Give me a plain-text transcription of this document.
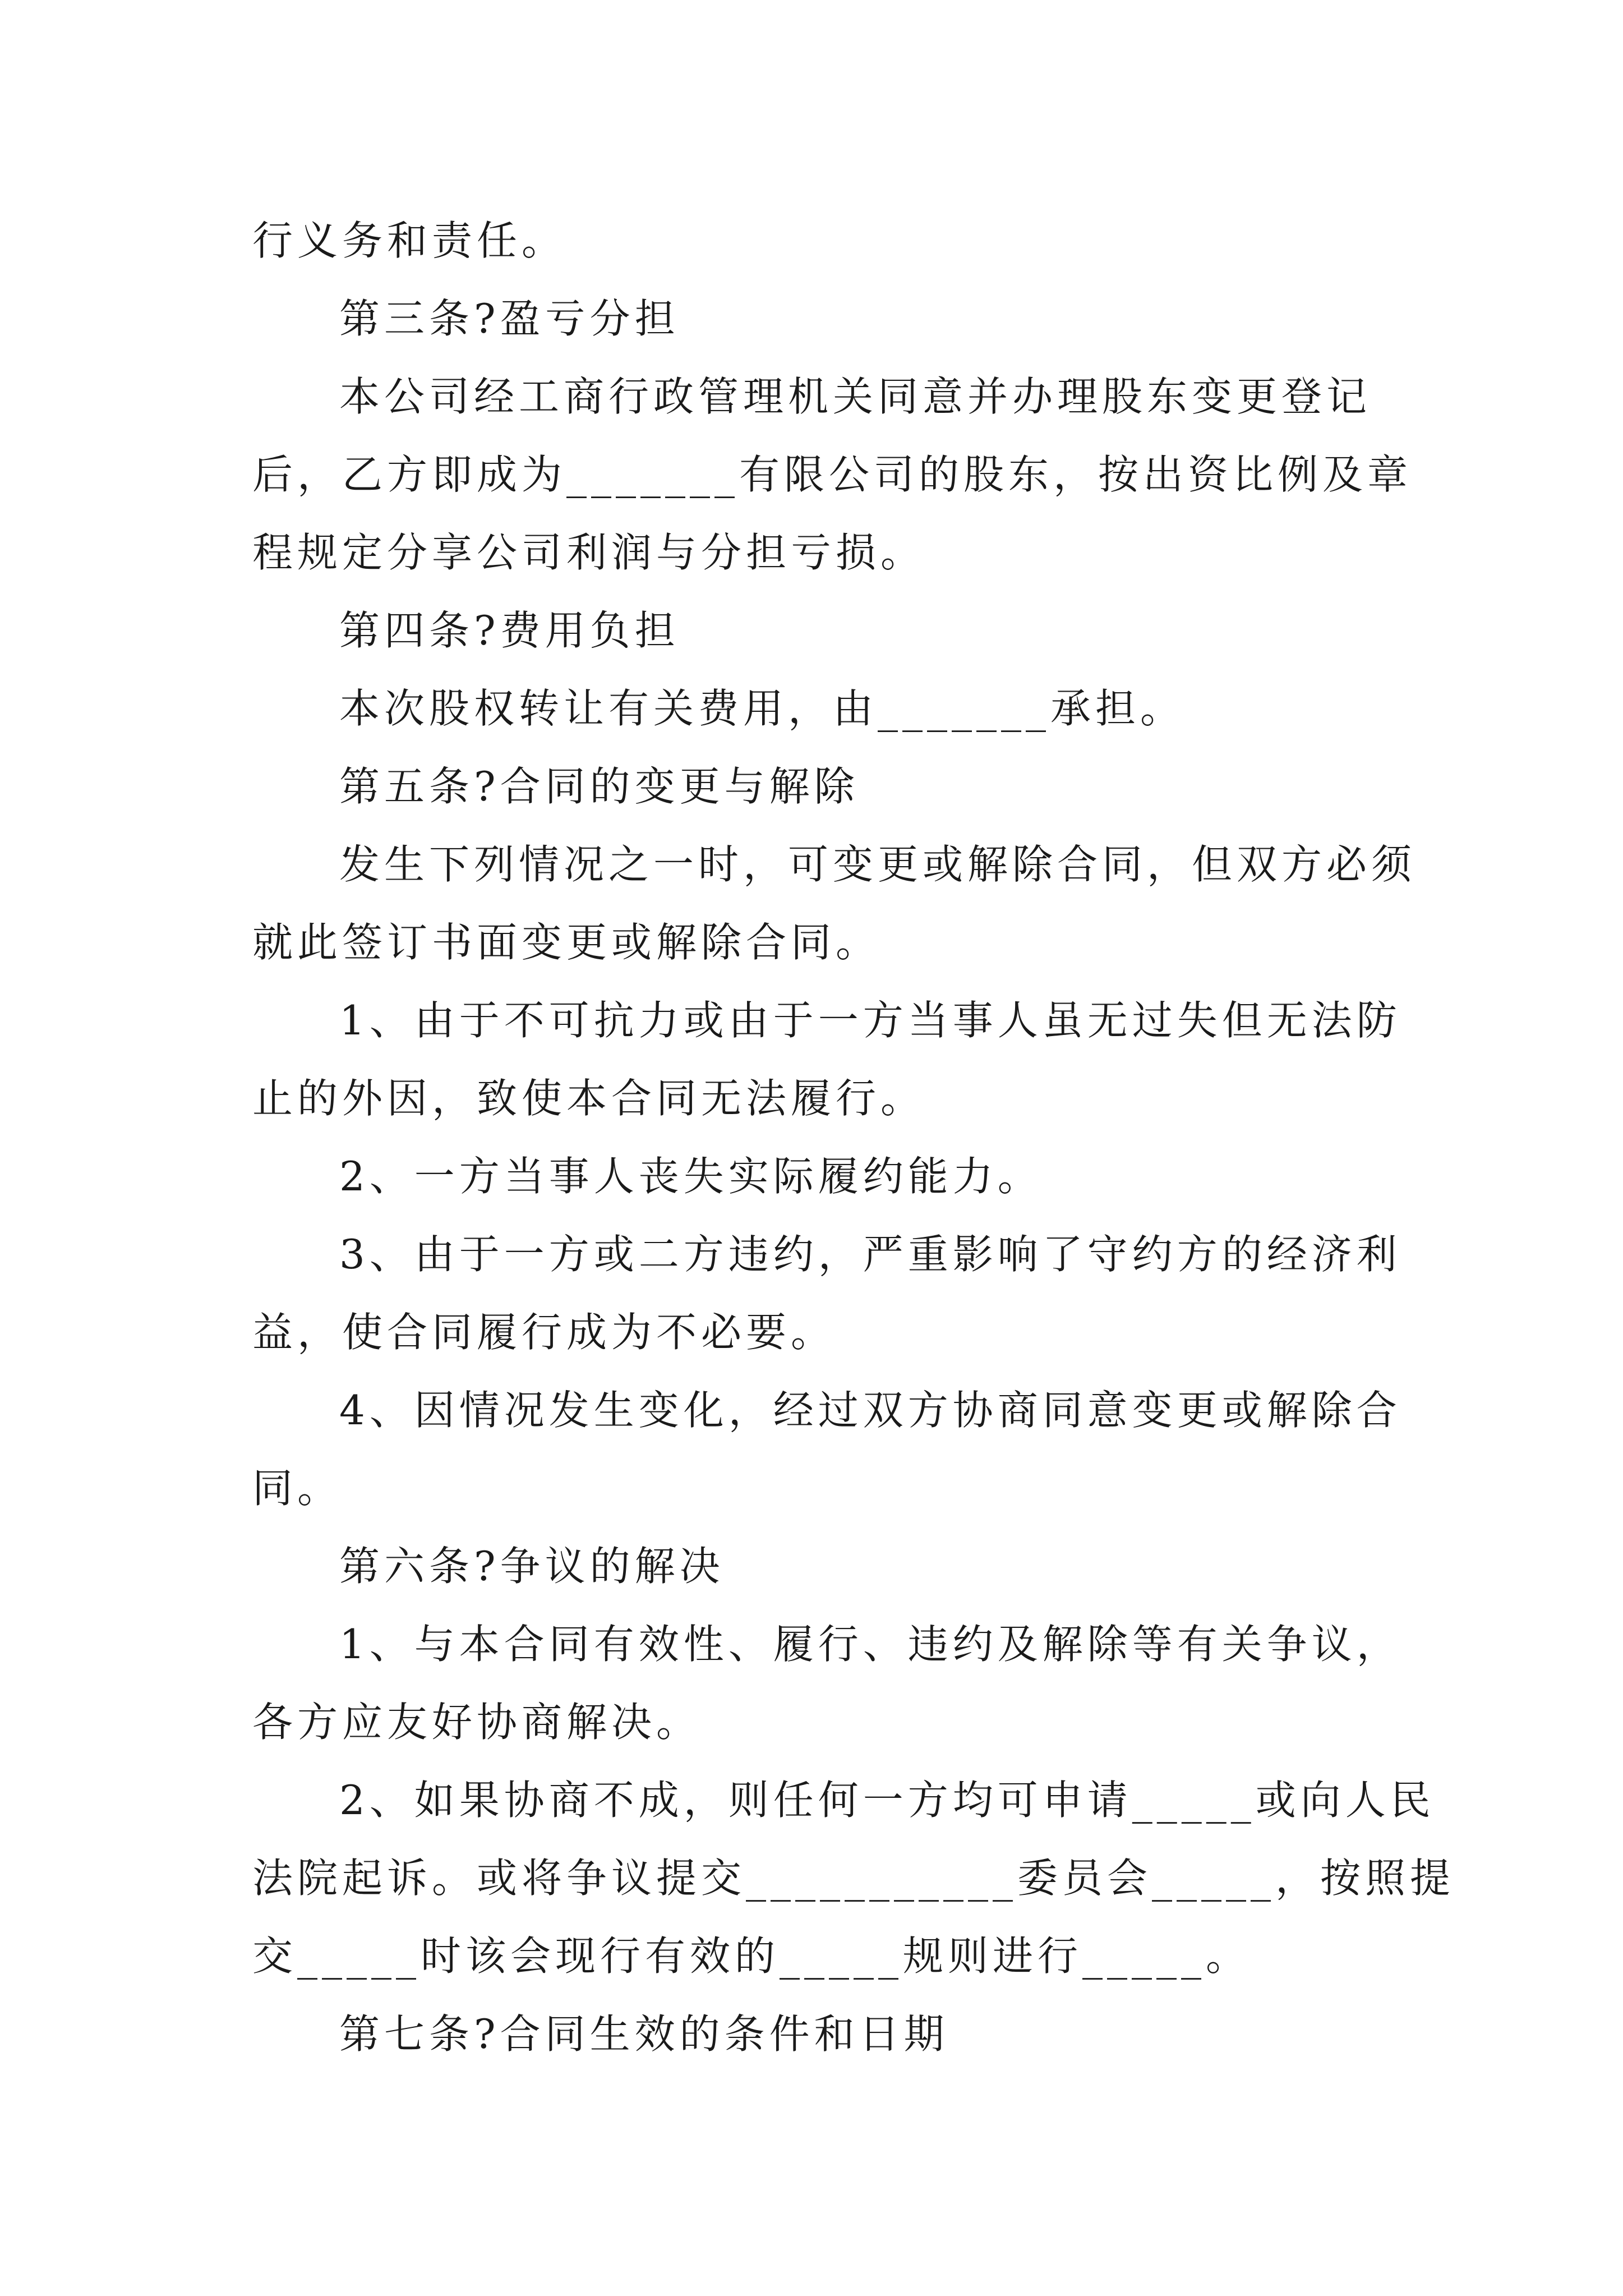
行义务和责任。
第三条?盈亏分担
本公司经工商行政管理机关同意并办理股东变更登记
后，乙方即成为_______有限公司的股东，按出资比例及章
程规定分享公司利润与分担亏损。
第四条?费用负担
本次股权转让有关费用，由_______承担。
第五条?合同的变更与解除
发生下列情况之一时，可变更或解除合同，但双方必须
就此签订书面变更或解除合同。
1、由于不可抗力或由于一方当事人虽无过失但无法防
止的外因，致使本合同无法履行。
2、一方当事人丧失实际履约能力。
3、由于一方或二方违约，严重影响了守约方的经济利
益，使合同履行成为不必要。
4、因情况发生变化，经过双方协商同意变更或解除合
同。
第六条?争议的解决
1、与本合同有效性、履行、违约及解除等有关争议，
各方应友好协商解决。
2、如果协商不成，则任何一方均可申请_____或向人民
法院起诉。或将争议提交___________委员会_____，按照提
交_____时该会现行有效的_____规则进行_____。
第七条?合同生效的条件和日期
